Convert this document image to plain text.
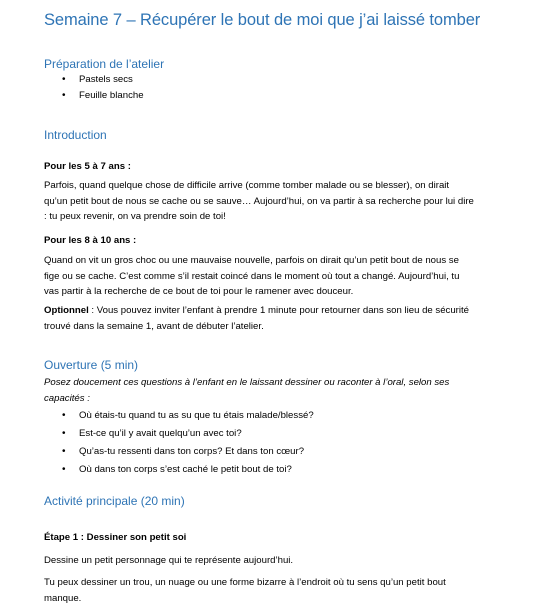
Semaine 7 – Récupérer le bout de moi que j’ai laissé tomber
Préparation de l’atelier
• Pastels secs
• Feuille blanche
Introduction

Pour les 5 à 7 ans :

Parfois, quand quelque chose de difficile arrive (comme tomber malade ou se blesser), on dirait qu’un petit bout de nous se cache ou se sauve… Aujourd’hui, on va partir à sa recherche pour lui dire : tu peux revenir, on va prendre soin de toi!

Pour les 8 à 10 ans :

Quand on vit un gros choc ou une mauvaise nouvelle, parfois on dirait qu’un petit bout de nous se fige ou se cache. C’est comme s’il restait coincé dans le moment où tout a changé. Aujourd’hui, tu vas partir à la recherche de ce bout de toi pour le ramener avec douceur.

Optionnel : Vous pouvez inviter l’enfant à prendre 1 minute pour retourner dans son lieu de sécurité trouvé dans la semaine 1, avant de débuter l’atelier.

Ouverture (5 min)

Posez doucement ces questions à l’enfant en le laissant dessiner ou raconter à l’oral, selon ses capacités :

• Où étais-tu quand tu as su que tu étais malade/blessé?
• Est-ce qu’il y avait quelqu’un avec toi?
• Qu’as-tu ressenti dans ton corps? Et dans ton cœur?
• Où dans ton corps s’est caché le petit bout de toi?
Activité principale (20 min)

Étape 1 : Dessiner son petit soi

Dessine un petit personnage qui te représente aujourd’hui.

Tu peux dessiner un trou, un nuage ou une forme bizarre à l’endroit où tu sens qu’un petit bout manque.
